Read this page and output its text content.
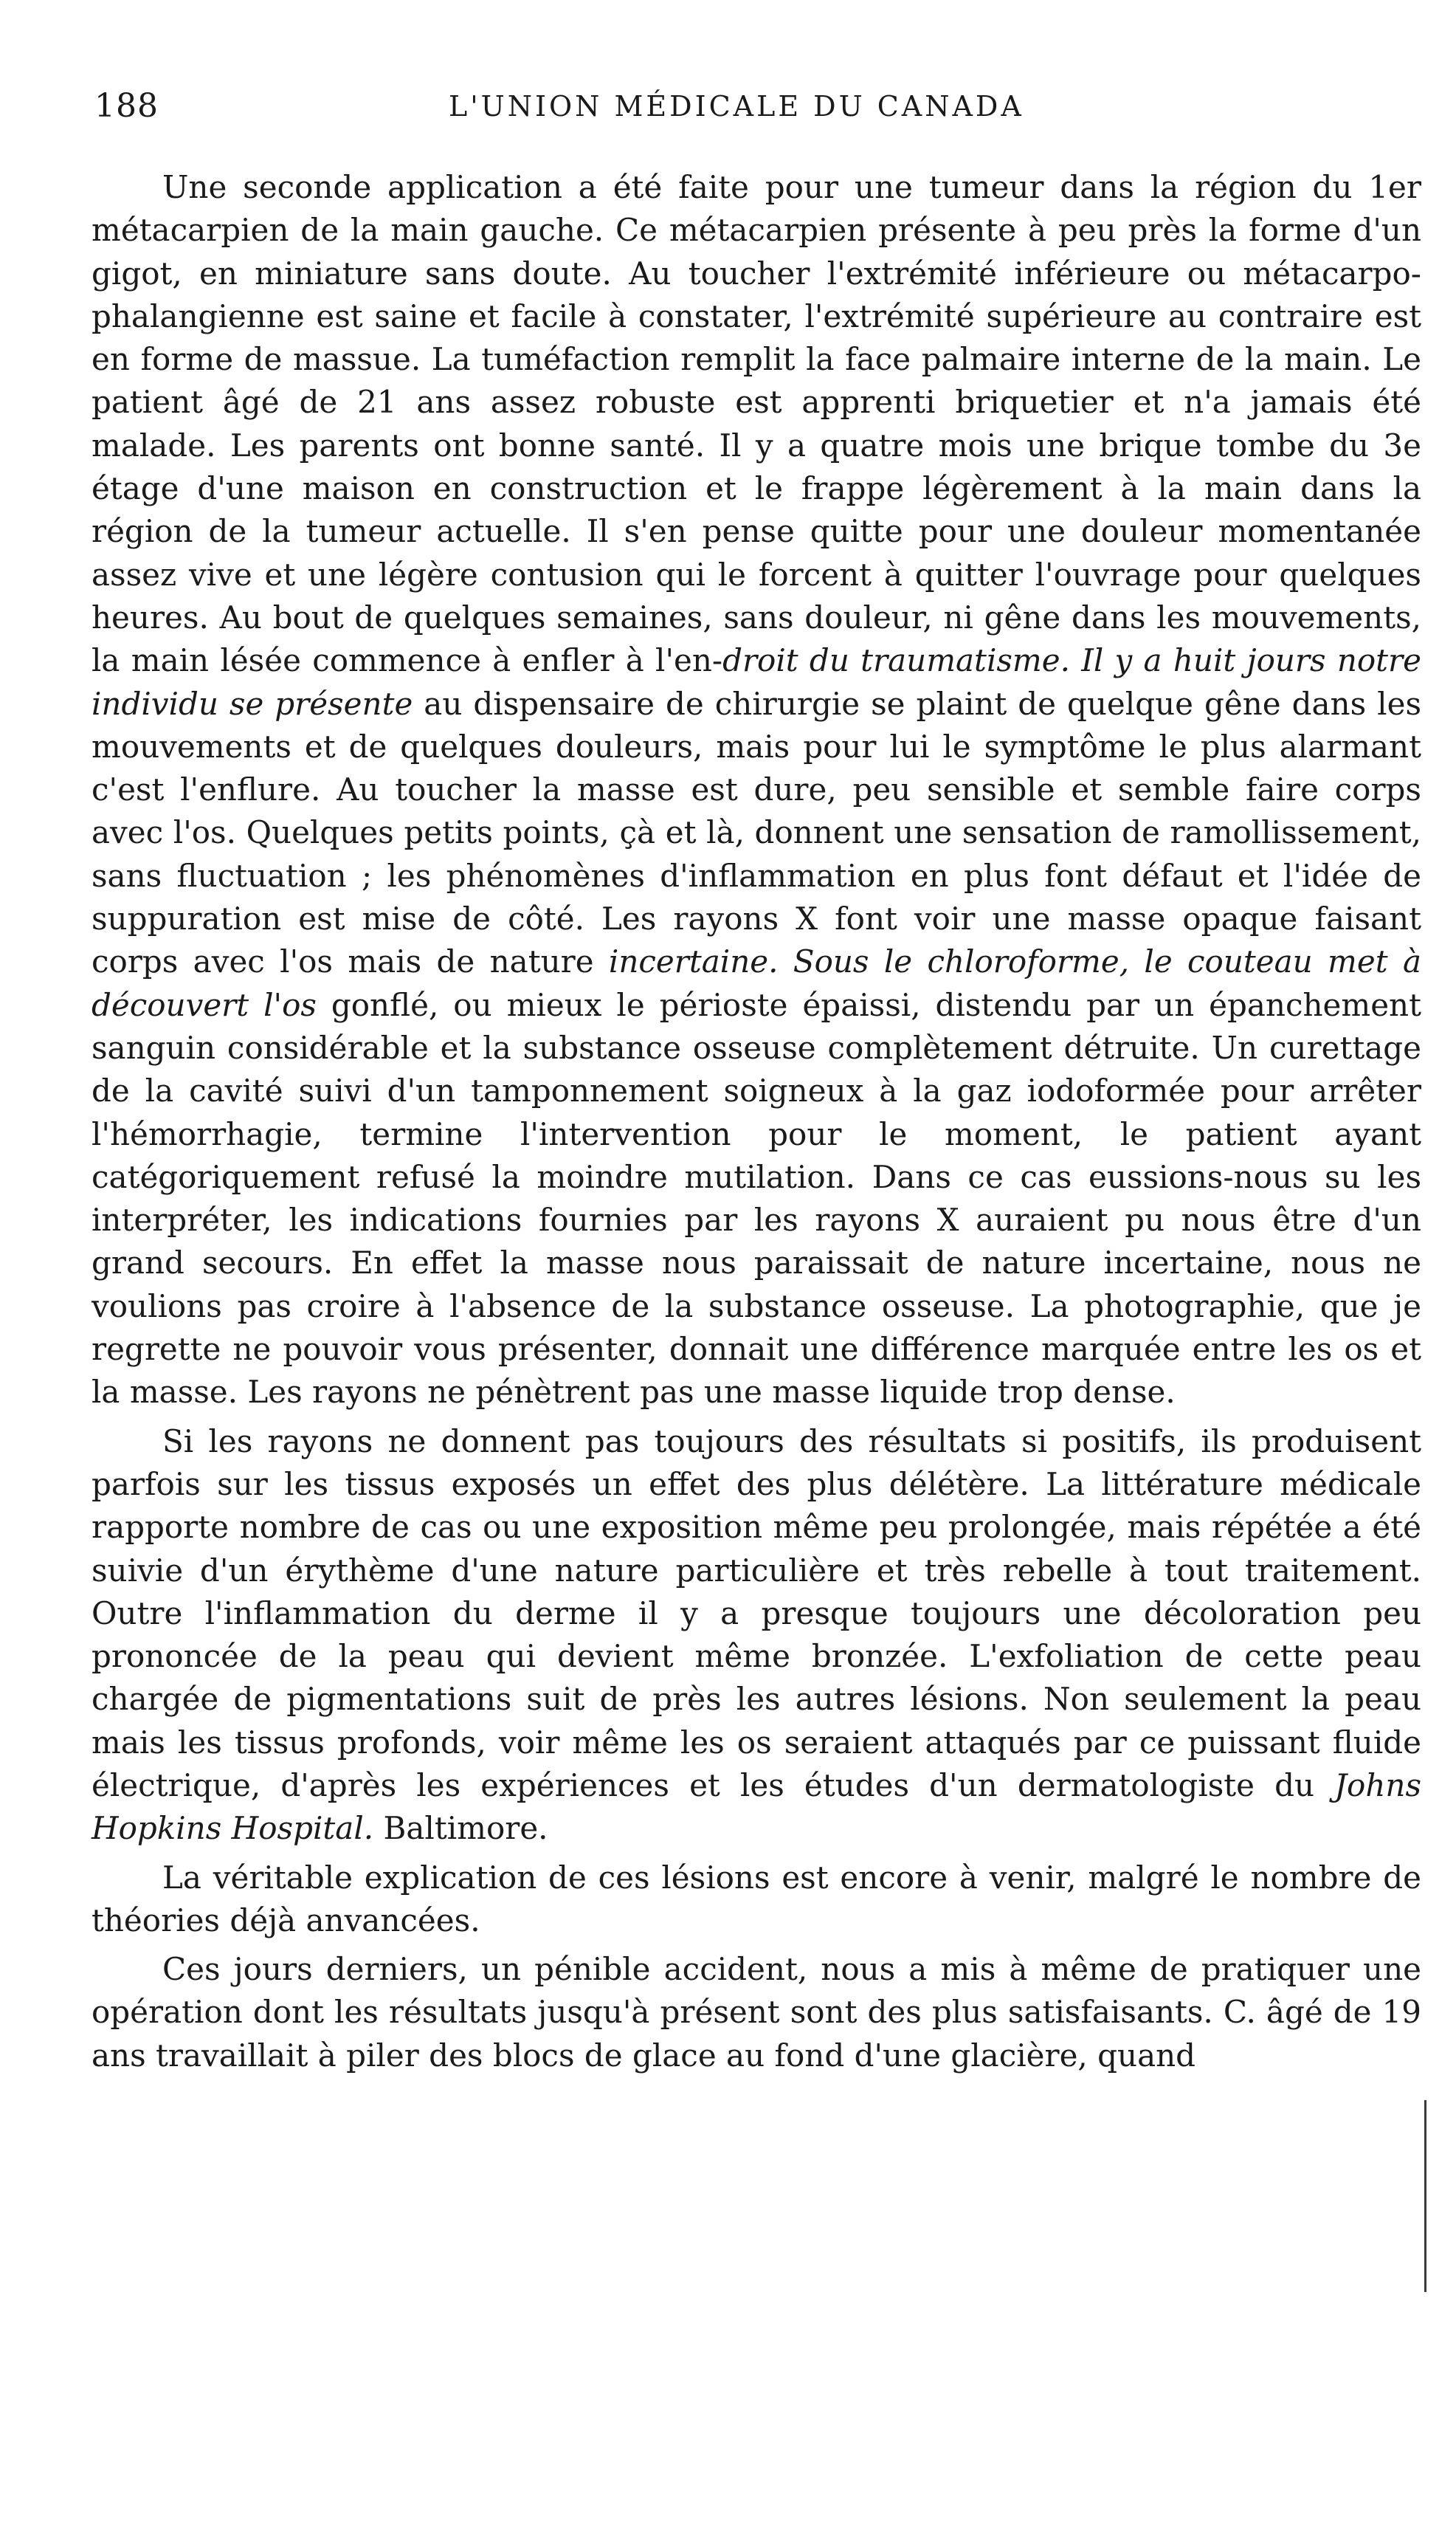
188	L'UNION MÉDICALE DU CANADA

Une seconde application a été faite pour une tumeur dans la région du 1er métacarpien de la main gauche. Ce métacarpien présente à peu près la forme d'un gigot, en miniature sans doute. Au toucher l'extrémité inférieure ou métacarpo-phalangienne est saine et facile à constater, l'extrémité supérieure au contraire est en forme de massue. La tuméfaction remplit la face palmaire interne de la main. Le patient âgé de 21 ans assez robuste est apprenti briquetier et n'a jamais été malade. Les parents ont bonne santé. Il y a quatre mois une brique tombe du 3e étage d'une maison en construction et le frappe légèrement à la main dans la région de la tumeur actuelle. Il s'en pense quitte pour une douleur momentanée assez vive et une légère contusion qui le forcent à quitter l'ouvrage pour quelques heures. Au bout de quelques semaines, sans douleur, ni gêne dans les mouvements, la main lésée commence à enfler à l'en-droit du traumatisme. Il y a huit jours notre individu se présente au dispensaire de chirurgie se plaint de quelque gêne dans les mouvements et de quelques douleurs, mais pour lui le symptôme le plus alarmant c'est l'enflure. Au toucher la masse est dure, peu sensible et semble faire corps avec l'os. Quelques petits points, çà et là, donnent une sensation de ramollissement, sans fluctuation ; les phénomènes d'inflammation en plus font défaut et l'idée de suppuration est mise de côté. Les rayons X font voir une masse opaque faisant corps avec l'os mais de nature incertaine. Sous le chloroforme, le couteau met à découvert l'os gonflé, ou mieux le périoste épaissi, distendu par un épanchement sanguin considérable et la substance osseuse complètement détruite. Un curettage de la cavité suivi d'un tamponnement soigneux à la gaz iodoformée pour arrêter l'hémorrhagie, termine l'intervention pour le moment, le patient ayant catégoriquement refusé la moindre mutilation. Dans ce cas eussions-nous su les interpréter, les indications fournies par les rayons X auraient pu nous être d'un grand secours. En effet la masse nous paraissait de nature incertaine, nous ne voulions pas croire à l'absence de la substance osseuse. La photographie, que je regrette ne pouvoir vous présenter, donnait une différence marquée entre les os et la masse. Les rayons ne pénètrent pas une masse liquide trop dense.

Si les rayons ne donnent pas toujours des résultats si positifs, ils produisent parfois sur les tissus exposés un effet des plus délétère. La littérature médicale rapporte nombre de cas ou une exposition même peu prolongée, mais répétée a été suivie d'un érythème d'une nature particulière et très rebelle à tout traitement. Outre l'inflammation du derme il y a presque toujours une décoloration peu prononcée de la peau qui devient même bronzée. L'exfoliation de cette peau chargée de pigmentations suit de près les autres lésions. Non seulement la peau mais les tissus profonds, voir même les os seraient attaqués par ce puissant fluide électrique, d'après les expériences et les études d'un dermatologiste du Johns Hopkins Hospital. Baltimore.

La véritable explication de ces lésions est encore à venir, malgré le nombre de théories déjà anvancées.

Ces jours derniers, un pénible accident, nous a mis à même de pratiquer une opération dont les résultats jusqu'à présent sont des plus satisfaisants. C. âgé de 19 ans travaillait à piler des blocs de glace au fond d'une glacière, quand
